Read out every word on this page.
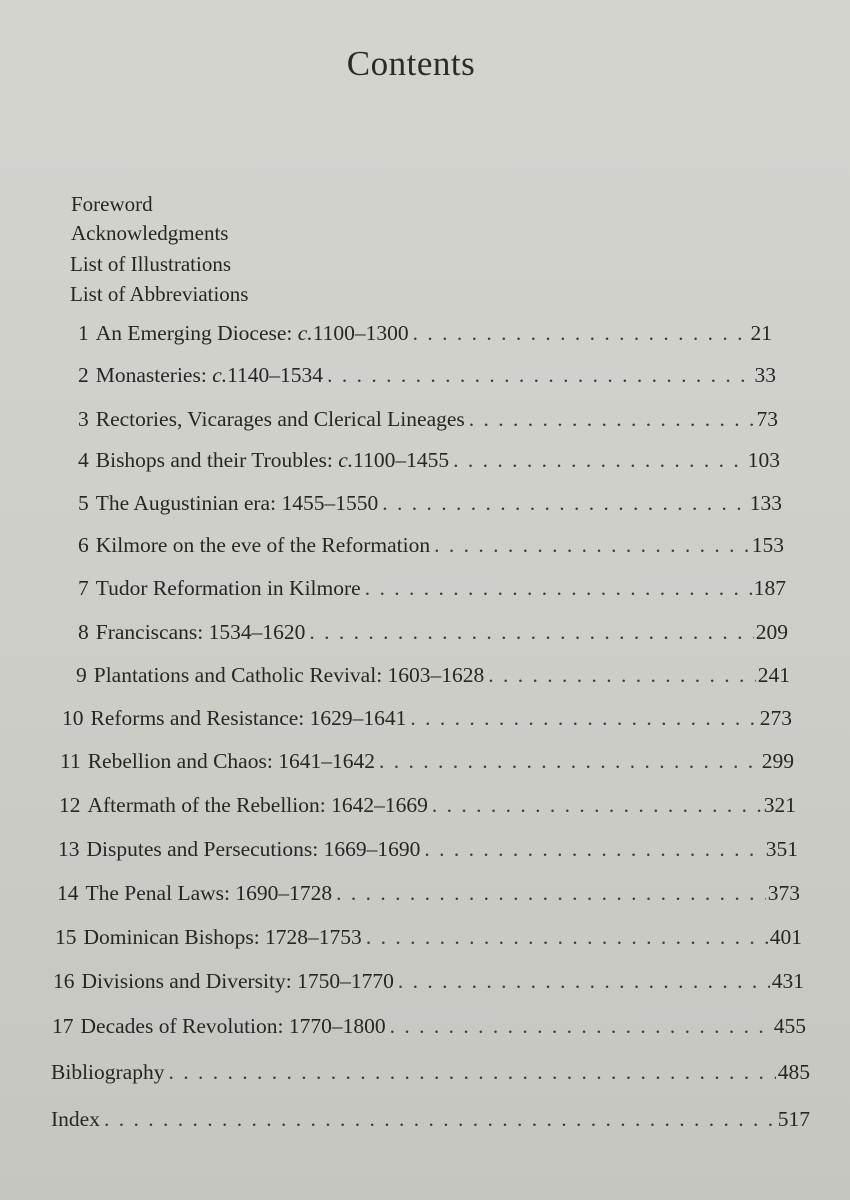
Contents
Foreword
Acknowledgments
List of Illustrations
List of Abbreviations
1 An Emerging Diocese: c.1100–1300 . . .	21
2 Monasteries: c.1140–1534 . . .	33
3 Rectories, Vicarages and Clerical Lineages . . .	73
4 Bishops and their Troubles: c.1100–1455 . . .	103
5 The Augustinian era: 1455–1550 . . .	133
6 Kilmore on the eve of the Reformation . . .	153
7 Tudor Reformation in Kilmore . . .	187
8 Franciscans: 1534–1620 . . .	209
9 Plantations and Catholic Revival: 1603–1628 . . .	241
10 Reforms and Resistance: 1629–1641 . . .	273
11 Rebellion and Chaos: 1641–1642 . . .	299
12 Aftermath of the Rebellion: 1642–1669 . . .	321
13 Disputes and Persecutions: 1669–1690 . . .	351
14 The Penal Laws: 1690–1728 . . .	373
15 Dominican Bishops: 1728–1753 . . .	401
16 Divisions and Diversity: 1750–1770 . . .	431
17 Decades of Revolution: 1770–1800 . . .	455
Bibliography . . .	485
Index . . .	517
